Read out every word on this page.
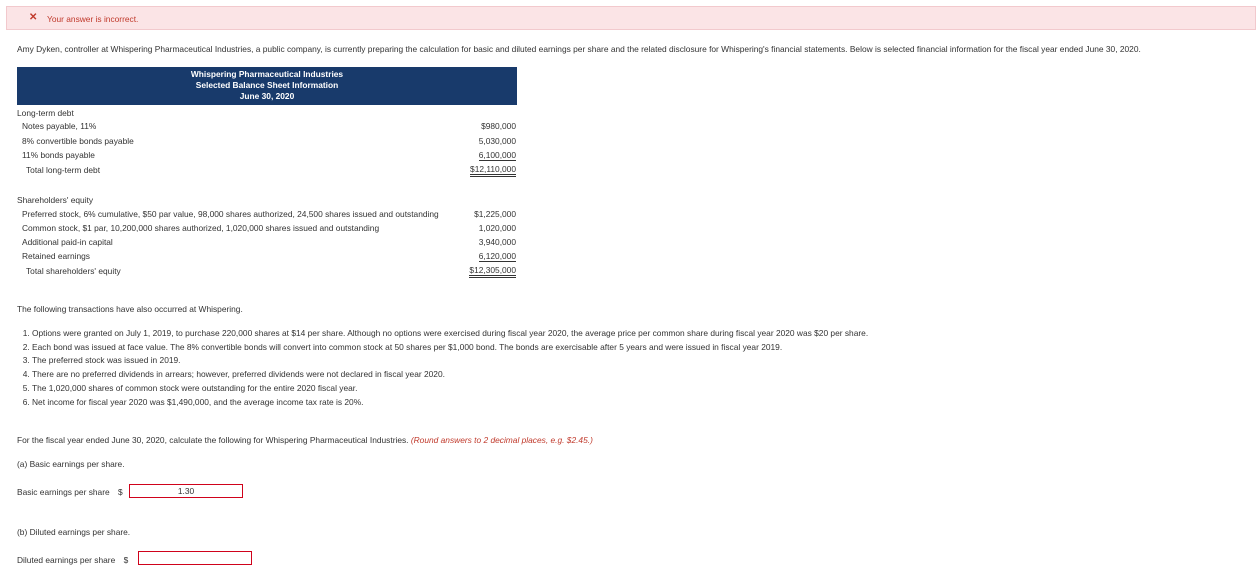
✕ Your answer is incorrect.
Amy Dyken, controller at Whispering Pharmaceutical Industries, a public company, is currently preparing the calculation for basic and diluted earnings per share and the related disclosure for Whispering's financial statements. Below is selected financial information for the fiscal year ended June 30, 2020.
Whispering Pharmaceutical Industries
Selected Balance Sheet Information
June 30, 2020
Long-term debt
Notes payable, 11%	$980,000
8% convertible bonds payable	5,030,000
11% bonds payable	6,100,000
Total long-term debt	$12,110,000
Shareholders' equity
Preferred stock, 6% cumulative, $50 par value, 98,000 shares authorized, 24,500 shares issued and outstanding	$1,225,000
Common stock, $1 par, 10,200,000 shares authorized, 1,020,000 shares issued and outstanding	1,020,000
Additional paid-in capital	3,940,000
Retained earnings	6,120,000
Total shareholders' equity	$12,305,000
The following transactions have also occurred at Whispering.
1. Options were granted on July 1, 2019, to purchase 220,000 shares at $14 per share. Although no options were exercised during fiscal year 2020, the average price per common share during fiscal year 2020 was $20 per share.
2. Each bond was issued at face value. The 8% convertible bonds will convert into common stock at 50 shares per $1,000 bond. The bonds are exercisable after 5 years and were issued in fiscal year 2019.
3. The preferred stock was issued in 2019.
4. There are no preferred dividends in arrears; however, preferred dividends were not declared in fiscal year 2020.
5. The 1,020,000 shares of common stock were outstanding for the entire 2020 fiscal year.
6. Net income for fiscal year 2020 was $1,490,000, and the average income tax rate is 20%.
For the fiscal year ended June 30, 2020, calculate the following for Whispering Pharmaceutical Industries. (Round answers to 2 decimal places, e.g. $2.45.)
(a) Basic earnings per share.
Basic earnings per share $
1.30
(b) Diluted earnings per share.
Diluted earnings per share $
